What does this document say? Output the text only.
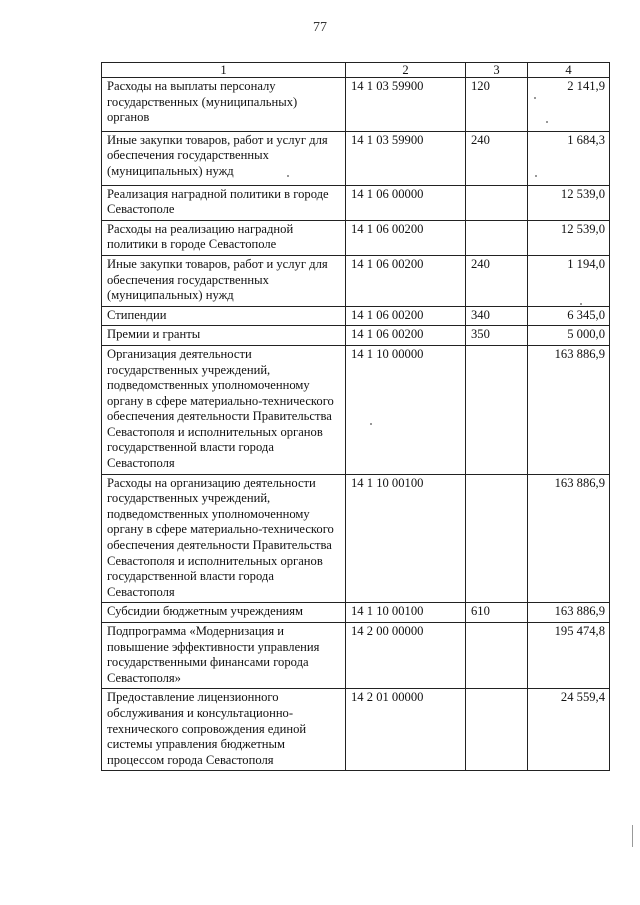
77
1	2	3	4
Расходы на выплаты персоналу государственных (муниципальных) органов	14 1 03 59900	120	2 141,9
Иные закупки товаров, работ и услуг для обеспечения государственных (муниципальных) нужд	14 1 03 59900	240	1 684,3
Реализация наградной политики в городе Севастополе	14 1 06 00000		12 539,0
Расходы на реализацию наградной политики в городе Севастополе	14 1 06 00200		12 539,0
Иные закупки товаров, работ и услуг для обеспечения государственных (муниципальных) нужд	14 1 06 00200	240	1 194,0
Стипендии	14 1 06 00200	340	6 345,0
Премии и гранты	14 1 06 00200	350	5 000,0
Организация деятельности государственных учреждений, подведомственных уполномоченному органу в сфере материально-технического обеспечения деятельности Правительства Севастополя и исполнительных органов государственной власти города Севастополя	14 1 10 00000		163 886,9
Расходы на организацию деятельности государственных учреждений, подведомственных уполномоченному органу в сфере материально-технического обеспечения деятельности Правительства Севастополя и исполнительных органов государственной власти города Севастополя	14 1 10 00100		163 886,9
Субсидии бюджетным учреждениям	14 1 10 00100	610	163 886,9
Подпрограмма «Модернизация и повышение эффективности управления государственными финансами города Севастополя»	14 2 00 00000		195 474,8
Предоставление лицензионного обслуживания и консультационно-технического сопровождения единой системы управления бюджетным процессом города Севастополя	14 2 01 00000		24 559,4
